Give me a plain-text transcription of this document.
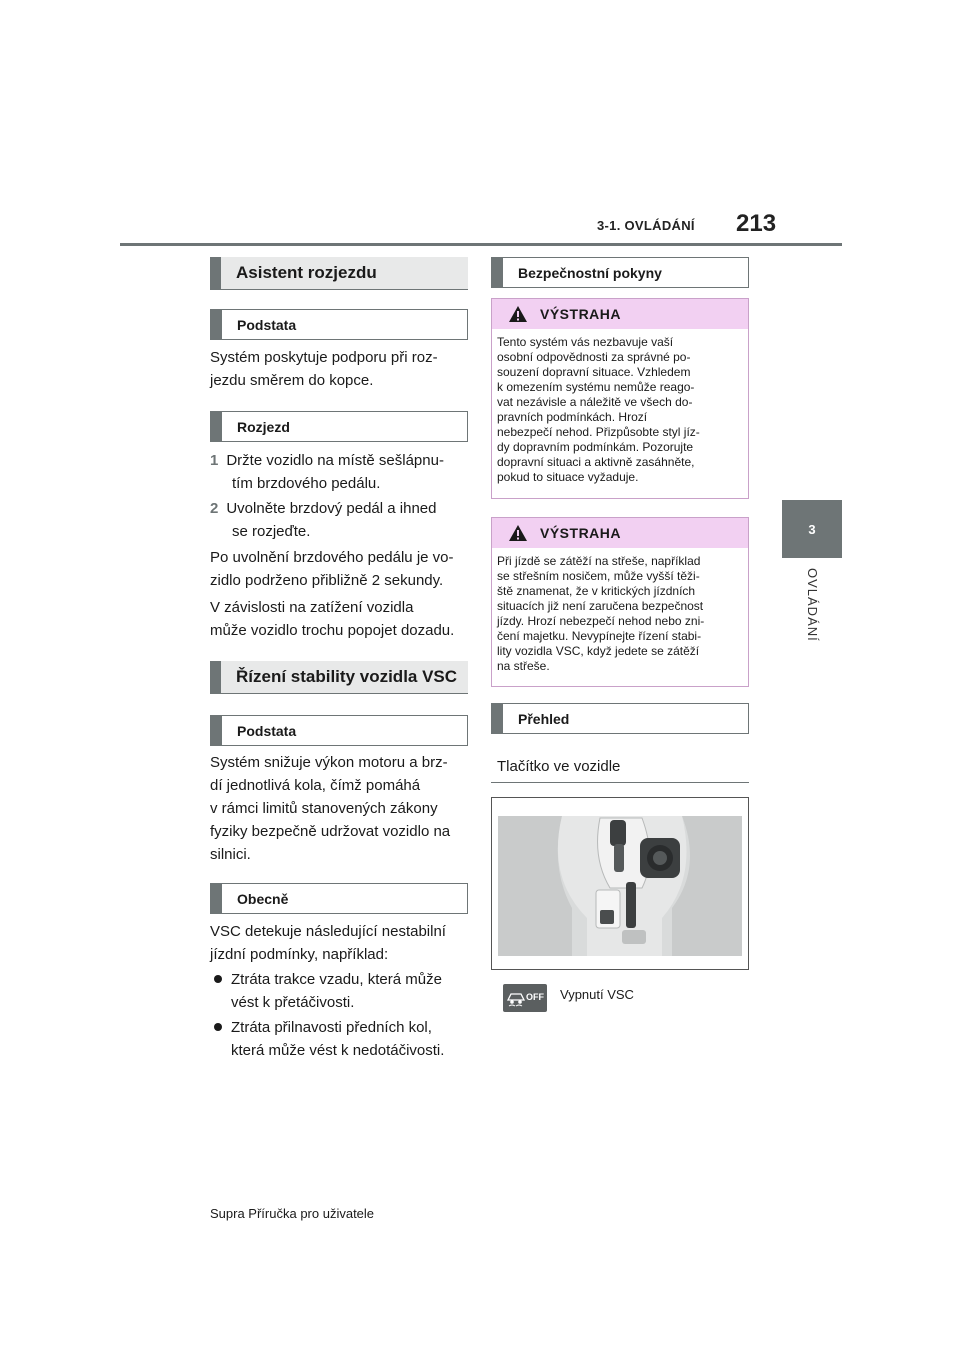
3-1. OVLÁDÁNÍ 213
3
OVLÁDÁNÍ
Asistent rozjezdu
Podstata
Systém poskytuje podporu při roz-
jezdu směrem do kopce.
Rozjezd
1 Držte vozidlo na místě sešlápnu-
tím brzdového pedálu.
2 Uvolněte brzdový pedál a ihned
se rozjeďte.
Po uvolnění brzdového pedálu je vo-
zidlo podrženo přibližně 2 sekundy.
V závislosti na zatížení vozidla
může vozidlo trochu popojet dozadu.
Řízení stability vozidla VSC
Podstata
Systém snižuje výkon motoru a brz-
dí jednotlivá kola, čímž pomáhá
v rámci limitů stanovených zákony
fyziky bezpečně udržovat vozidlo na
silnici.
Obecně
VSC detekuje následující nestabilní
jízdní podmínky, například:
Ztráta trakce vzadu, která může
vést k přetáčivosti.
Ztráta přilnavosti předních kol,
která může vést k nedotáčivosti.
Bezpečnostní pokyny
VÝSTRAHA
Tento systém vás nezbavuje vaší
osobní odpovědnosti za správné po-
souzení dopravní situace. Vzhledem
k omezením systému nemůže reago-
vat nezávisle a náležitě ve všech do-
pravních podmínkách. Hrozí
nebezpečí nehod. Přizpůsobte styl jíz-
dy dopravním podmínkám. Pozorujte
dopravní situaci a aktivně zasáhněte,
pokud to situace vyžaduje.
VÝSTRAHA
Při jízdě se zátěží na střeše, například
se střešním nosičem, může vyšší těži-
ště znamenat, že v kritických jízdních
situacích již není zaručena bezpečnost
jízdy. Hrozí nebezpečí nehod nebo zni-
čení majetku. Nevypínejte řízení stabi-
lity vozidla VSC, když jedete se zátěží
na střeše.
Přehled
Tlačítko ve vozidle
OFF Vypnutí VSC
Supra Příručka pro uživatele
